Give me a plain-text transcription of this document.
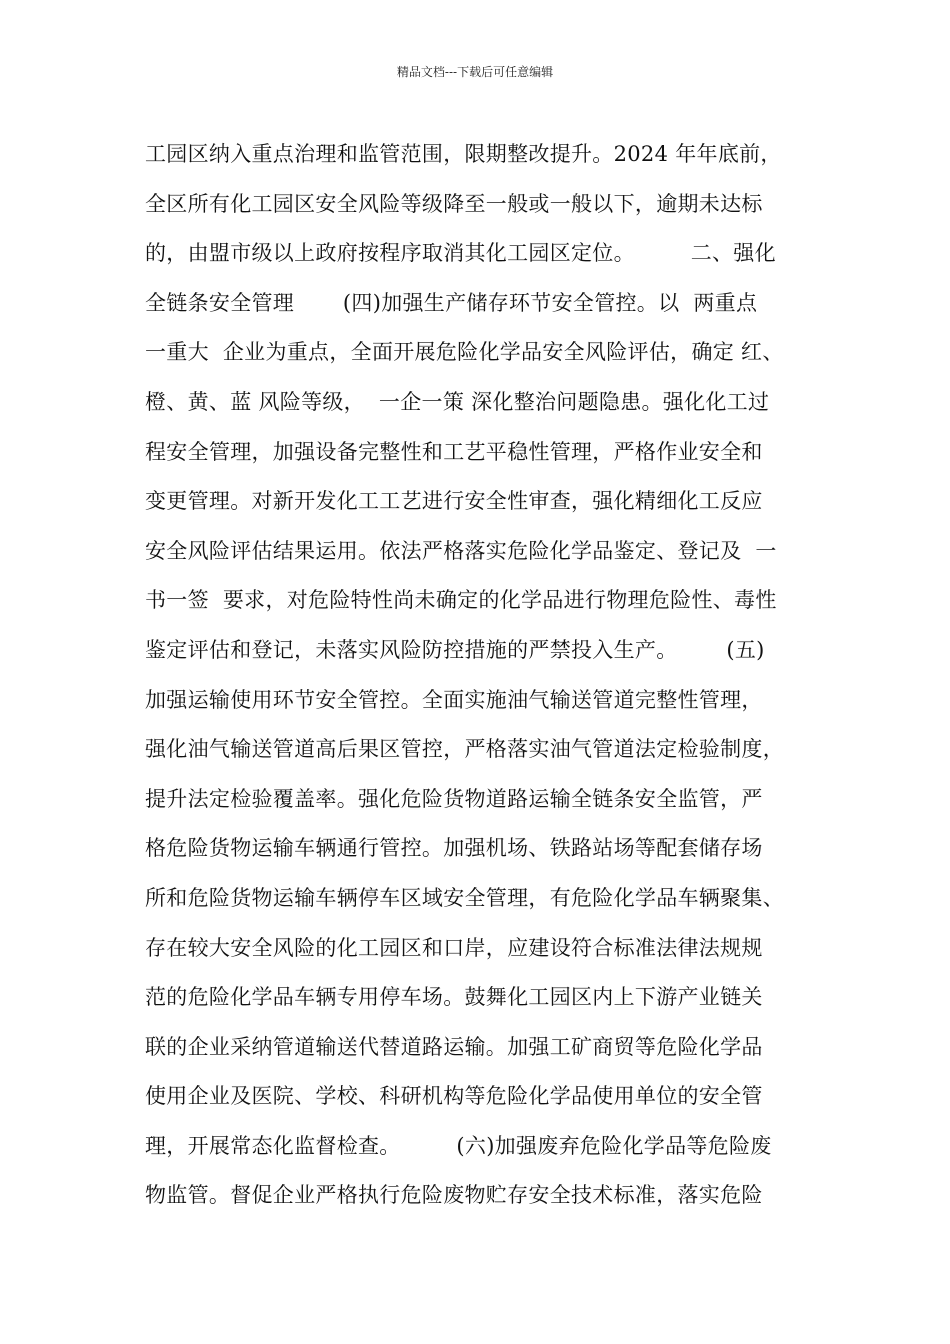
精品文档---下载后可任意编辑
工园区纳入重点治理和监管范围，限期整改提升。2024 年年底前，
全区所有化工园区安全风险等级降至一般或一般以下，逾期未达标
的，由盟市级以上政府按程序取消其化工园区定位。        二、强化
全链条安全管理       (四)加强生产储存环节安全管控。以  两重点
一重大  企业为重点，全面开展危险化学品安全风险评估，确定 红、
橙、黄、蓝 风险等级，  一企一策 深化整治问题隐患。强化化工过
程安全管理，加强设备完整性和工艺平稳性管理，严格作业安全和
变更管理。对新开发化工工艺进行安全性审查，强化精细化工反应
安全风险评估结果运用。依法严格落实危险化学品鉴定、登记及  一
书一签  要求，对危险特性尚未确定的化学品进行物理危险性、毒性
鉴定评估和登记，未落实风险防控措施的严禁投入生产。       (五)
加强运输使用环节安全管控。全面实施油气输送管道完整性管理，
强化油气输送管道高后果区管控，严格落实油气管道法定检验制度，
提升法定检验覆盖率。强化危险货物道路运输全链条安全监管，严
格危险货物运输车辆通行管控。加强机场、铁路站场等配套储存场
所和危险货物运输车辆停车区域安全管理，有危险化学品车辆聚集、
存在较大安全风险的化工园区和口岸，应建设符合标准法律法规规
范的危险化学品车辆专用停车场。鼓舞化工园区内上下游产业链关
联的企业采纳管道输送代替道路运输。加强工矿商贸等危险化学品
使用企业及医院、学校、科研机构等危险化学品使用单位的安全管
理，开展常态化监督检查。        (六)加强废弃危险化学品等危险废
物监管。督促企业严格执行危险废物贮存安全技术标准，落实危险
